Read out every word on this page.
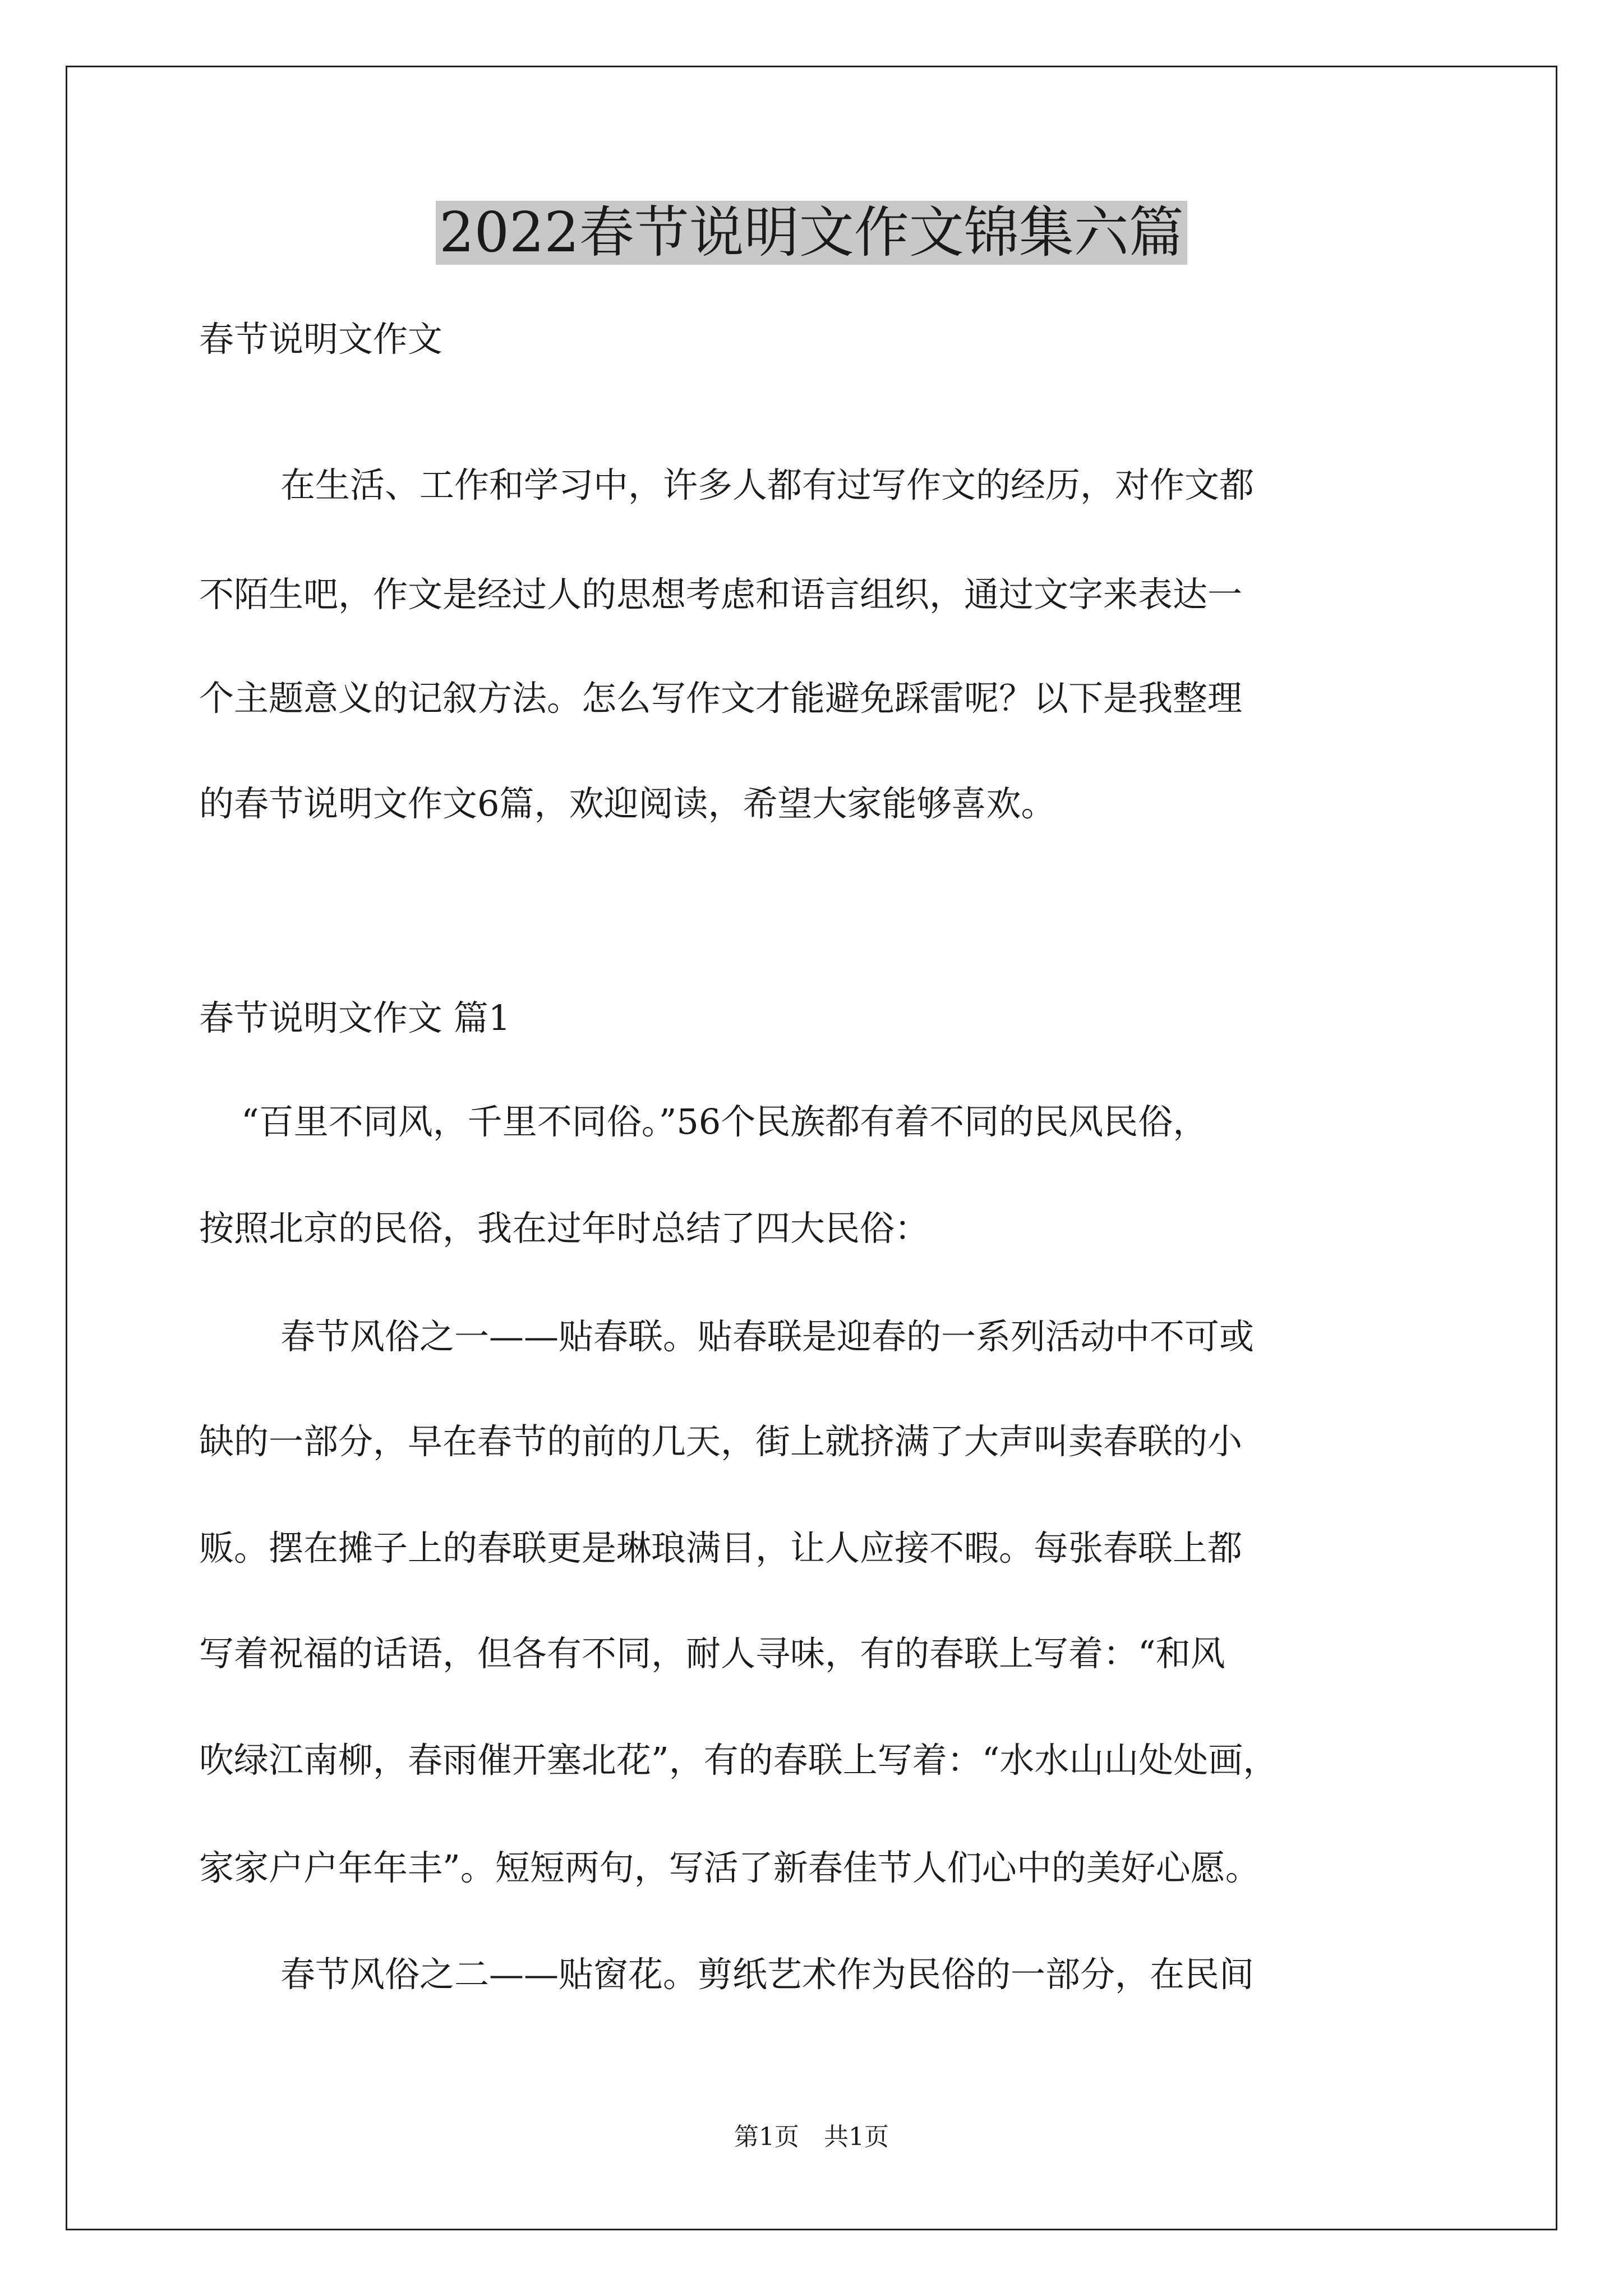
2022春节说明文作文锦集六篇

春节说明文作文

在生活、工作和学习中，许多人都有过写作文的经历，对作文都

不陌生吧，作文是经过人的思想考虑和语言组织，通过文字来表达一

个主题意义的记叙方法。怎么写作文才能避免踩雷呢？以下是我整理

的春节说明文作文6篇，欢迎阅读，希望大家能够喜欢。

春节说明文作文 篇1

“百里不同风，千里不同俗。”56个民族都有着不同的民风民俗，

按照北京的民俗，我在过年时总结了四大民俗：

春节风俗之一——贴春联。贴春联是迎春的一系列活动中不可或

缺的一部分，早在春节的前的几天，街上就挤满了大声叫卖春联的小

贩。摆在摊子上的春联更是琳琅满目，让人应接不暇。每张春联上都

写着祝福的话语，但各有不同，耐人寻味，有的春联上写着：“和风

吹绿江南柳，春雨催开塞北花”，有的春联上写着：“水水山山处处画，

家家户户年年丰”。短短两句，写活了新春佳节人们心中的美好心愿。

春节风俗之二——贴窗花。剪纸艺术作为民俗的一部分，在民间

第1页　共1页
